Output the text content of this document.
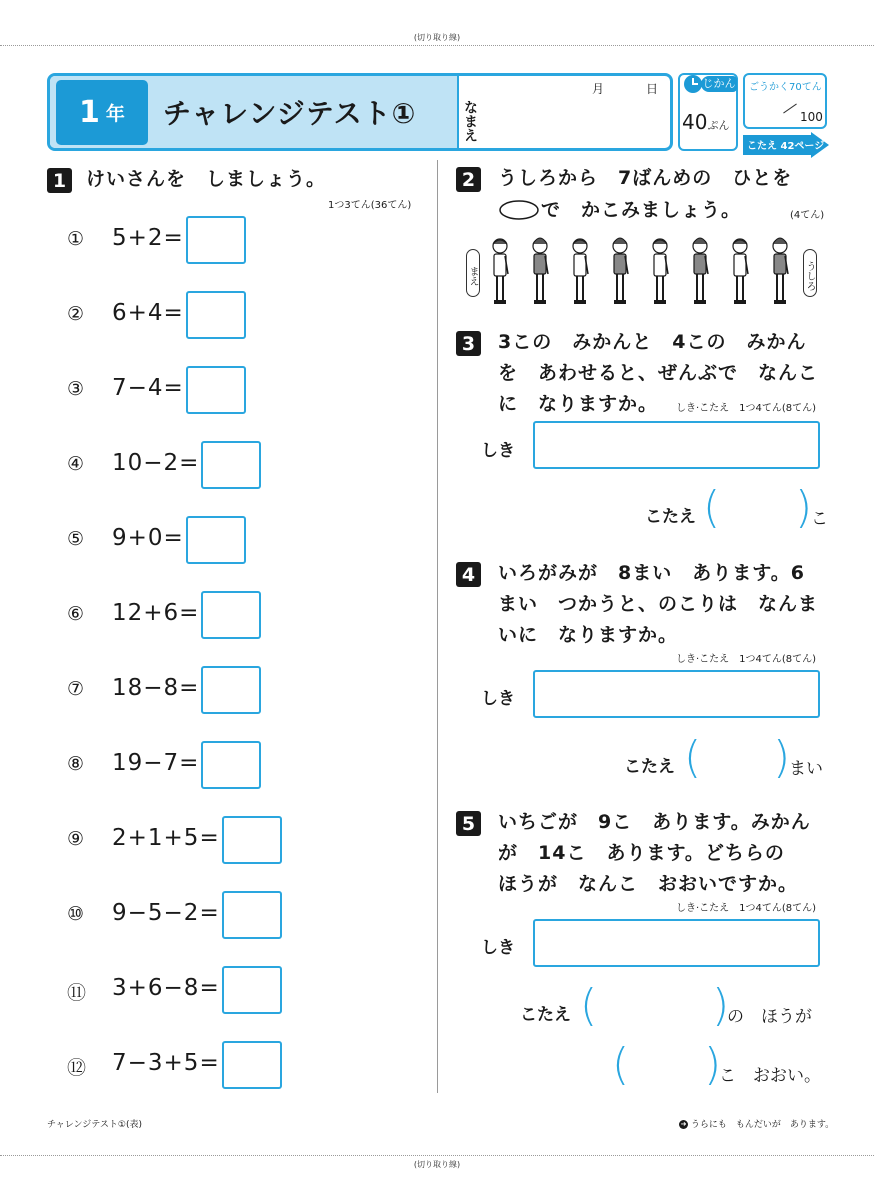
(切り取り線)
(切り取り線)
1 年 チャレンジテスト①	なまえ
月	日	じかん
40ぷん
ごうかく70てん
100
こたえ 42ページ
1	けいさんを　しましょう。
1つ3てん(36てん)
① 5+2=
② 6+4=
③ 7−4=
④ 10−2=
⑤ 9+0=
⑥ 12+6=
⑦ 18−8=
⑧ 19−7=
⑨ 2+1+5=
⑩ 9−5−2=
⑪ 3+6−8=
⑫ 7−3+5=
2	うしろから　7ばんめの　ひとを
で　かこみましょう。	(4てん)
まえ	うしろ
3	3この　みかんと　4この　みかん
を　あわせると、ぜんぶで　なんこ
に　なりますか。 しき·こたえ　1つ4てん(8てん)
しき
こたえ ( )
こ
4	いろがみが　8まい　あります。6
まい　つかうと、のこりは　なんま
いに　なりますか。
しき·こたえ　1つ4てん(8てん)
しき
こたえ ( )
まい
5	いちごが　9こ　あります。みかん
が　14こ　あります。どちらの
ほうが　なんこ　おおいですか。
しき·こたえ　1つ4てん(8てん)
しき
こたえ (	)
の　ほうが
( )
こ　おおい。
チャレンジテスト①(表)	➜ うらにも　もんだいが　あります。
